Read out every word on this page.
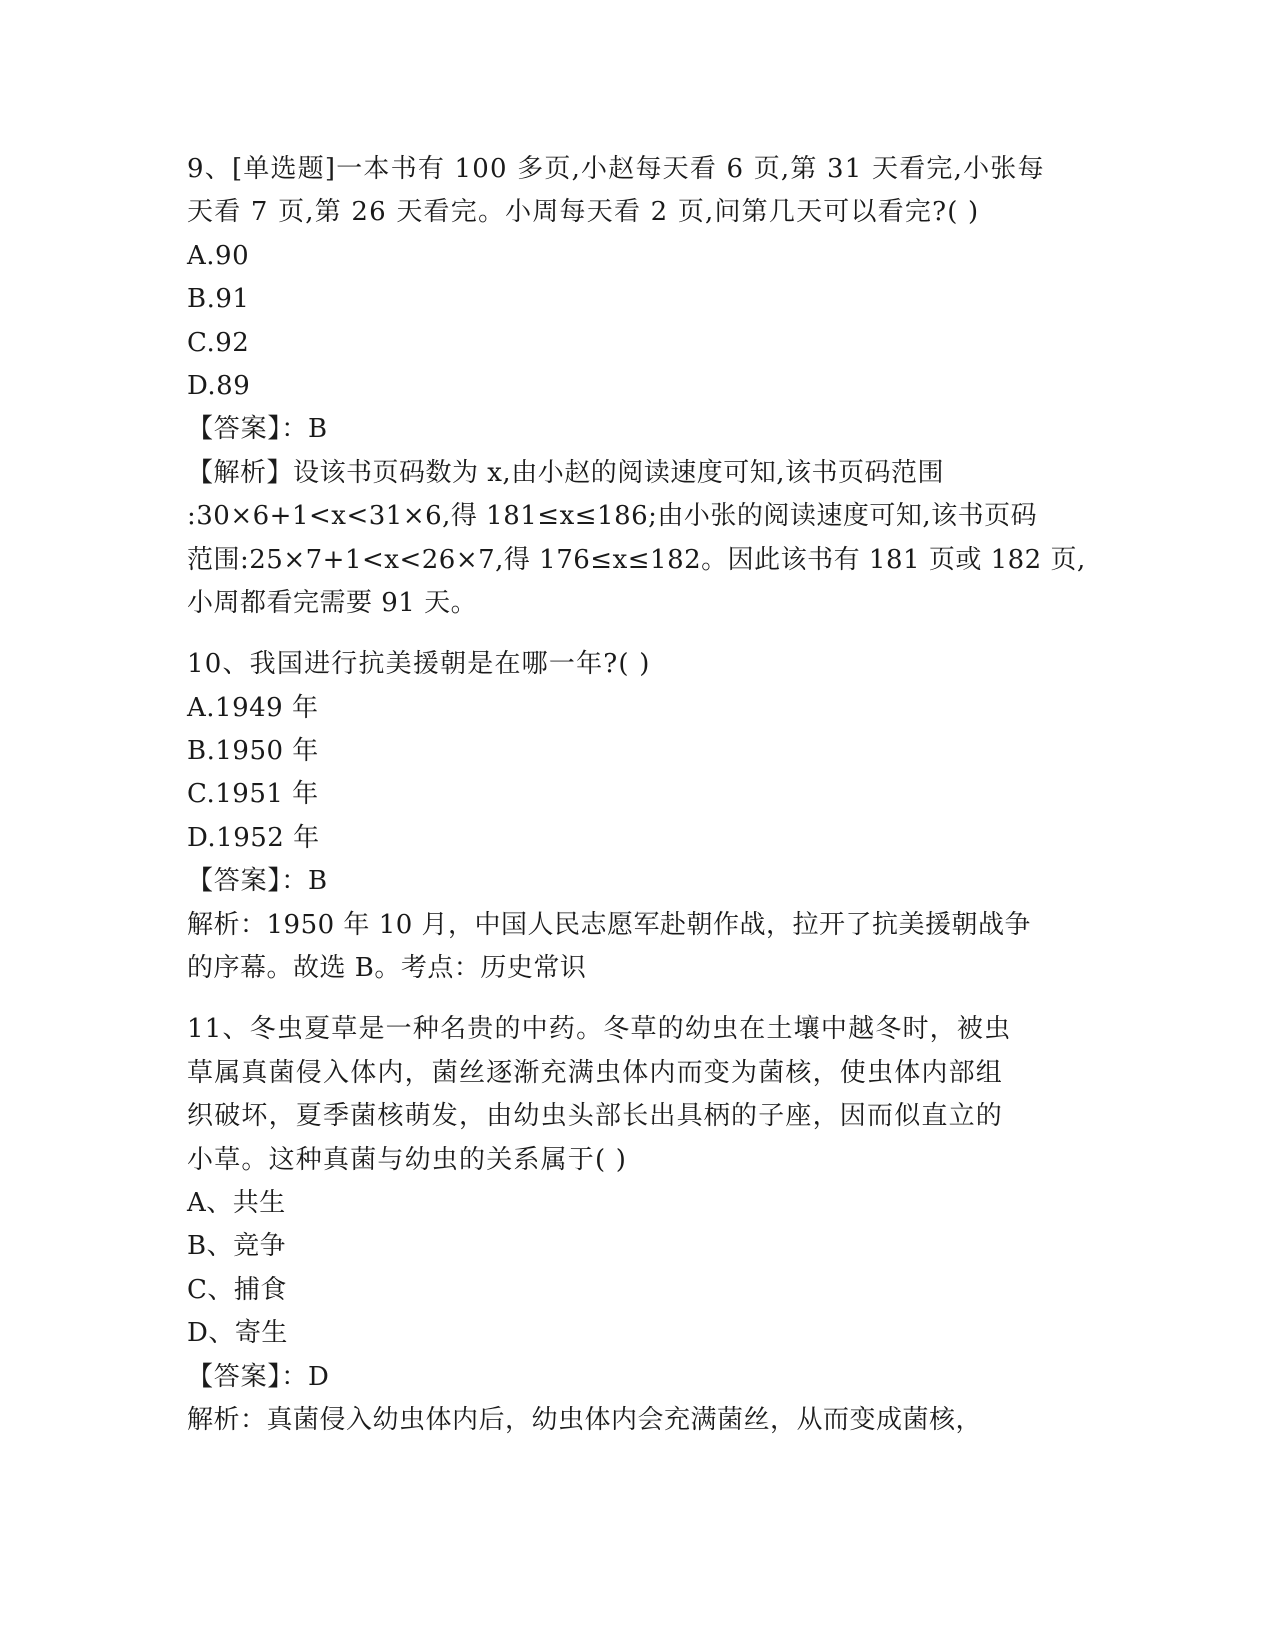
9、[单选题]一本书有 100 多页,小赵每天看 6 页,第 31 天看完,小张每
天看 7 页,第 26 天看完。小周每天看 2 页,问第几天可以看完?( )
A.90
B.91
C.92
D.89
【答案】：B
【解析】设该书页码数为 x,由小赵的阅读速度可知,该书页码范围
:30×6+1<x<31×6,得 181≤x≤186;由小张的阅读速度可知,该书页码
范围:25×7+1<x<26×7,得 176≤x≤182。因此该书有 181 页或 182 页,
小周都看完需要 91 天。
10、我国进行抗美援朝是在哪一年?( )
A.1949 年
B.1950 年
C.1951 年
D.1952 年
【答案】：B
解析：1950 年 10 月，中国人民志愿军赴朝作战，拉开了抗美援朝战争
的序幕。故选 B。考点：历史常识
11、冬虫夏草是一种名贵的中药。冬草的幼虫在土壤中越冬时，被虫
草属真菌侵入体内，菌丝逐渐充满虫体内而变为菌核，使虫体内部组
织破坏，夏季菌核萌发，由幼虫头部长出具柄的子座，因而似直立的
小草。这种真菌与幼虫的关系属于( )
A、共生
B、竞争
C、捕食
D、寄生
【答案】：D
解析：真菌侵入幼虫体内后，幼虫体内会充满菌丝，从而变成菌核，
